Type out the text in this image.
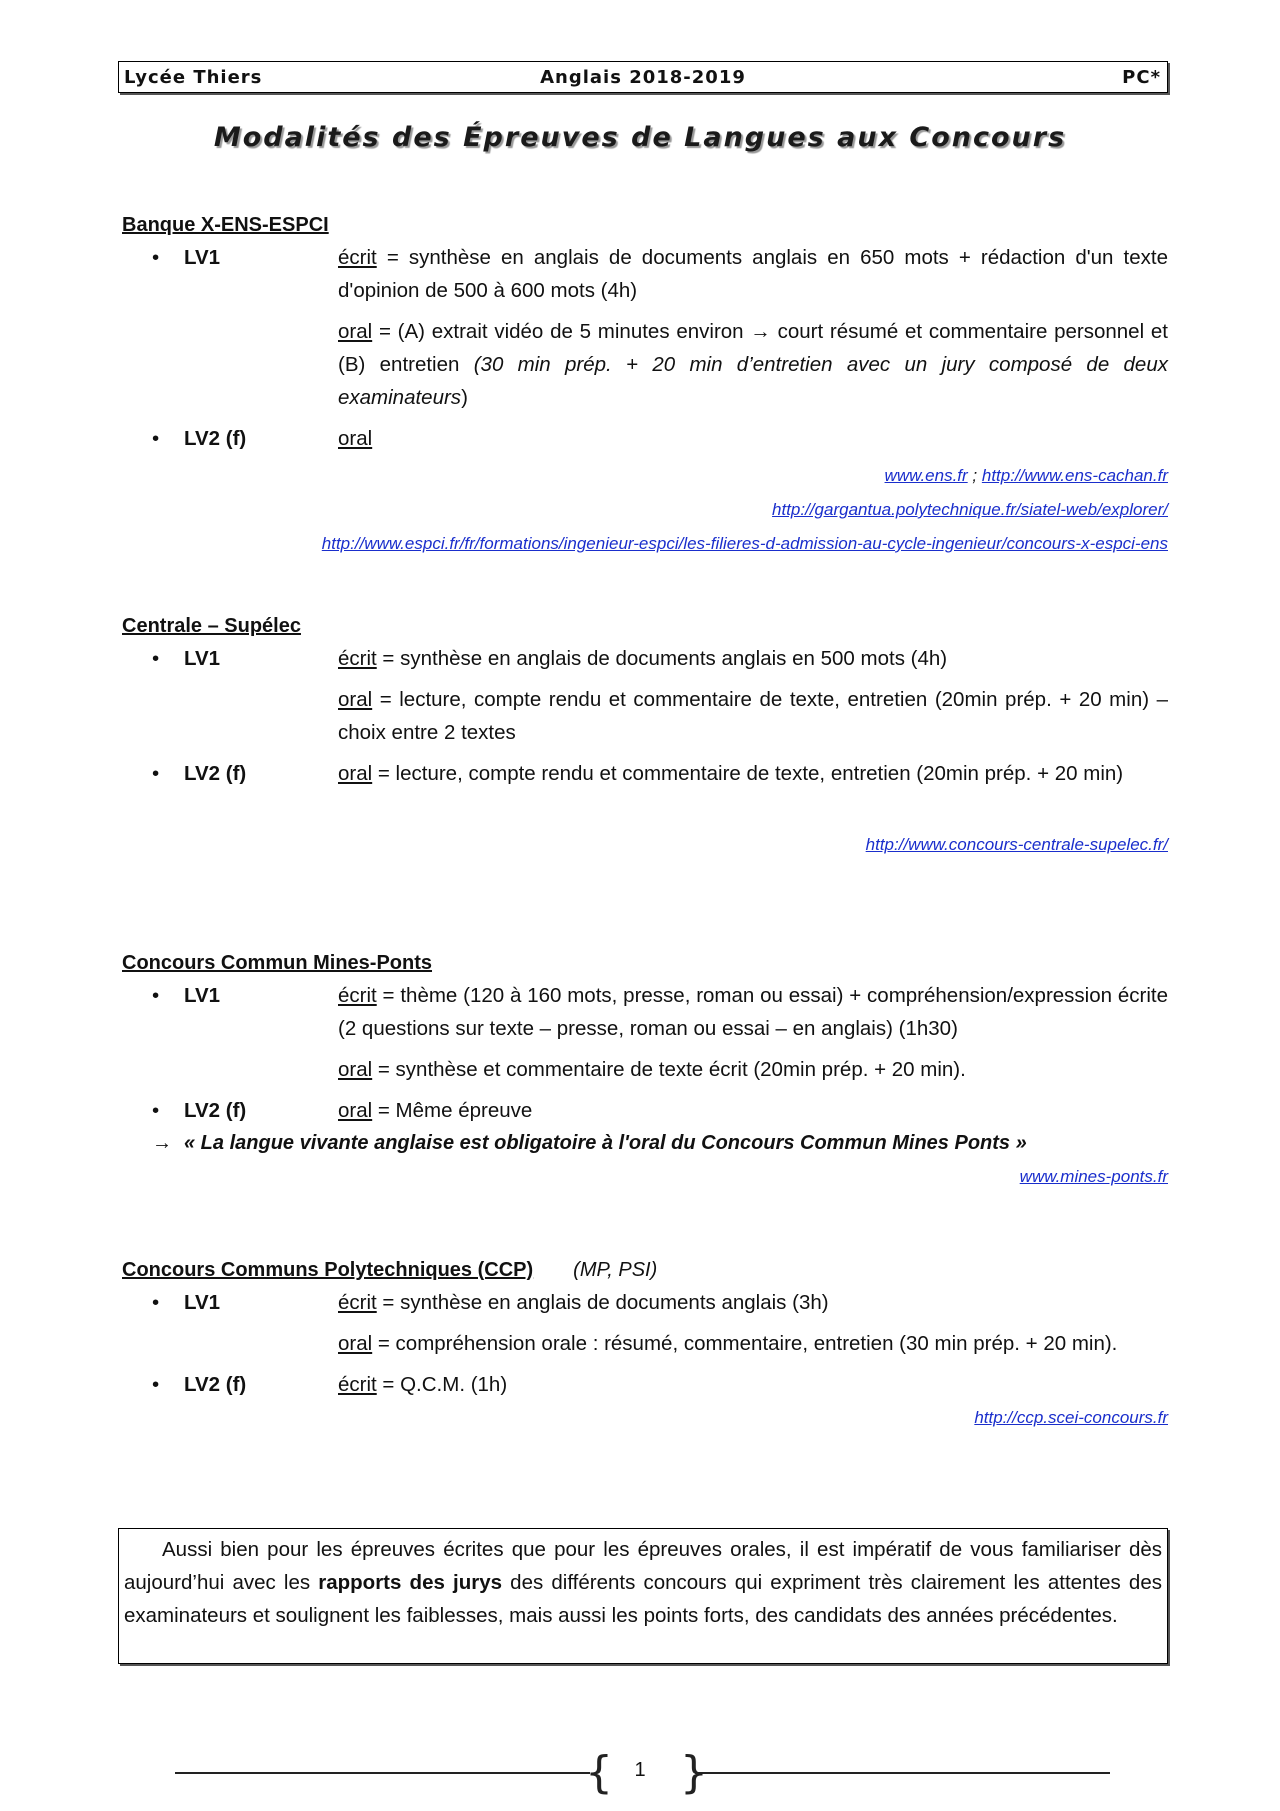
Lycée Thiers	Anglais 2018-2019	PC*
Modalités des Épreuves de Langues aux Concours

Banque X-ENS-ESPCI

• LV1	écrit = synthèse en anglais de documents anglais en 650 mots + rédaction d'un texte d'opinion de 500 à 600 mots (4h)
oral = (A) extrait vidéo de 5 minutes environ → court résumé et commentaire personnel et (B) entretien (30 min prép. + 20 min d’entretien avec un jury composé de deux examinateurs)
• LV2 (f)	oral
www.ens.fr ; http://www.ens-cachan.fr
http://gargantua.polytechnique.fr/siatel-web/explorer/
http://www.espci.fr/fr/formations/ingenieur-espci/les-filieres-d-admission-au-cycle-ingenieur/concours-x-espci-ens

Centrale – Supélec

• LV1	écrit = synthèse en anglais de documents anglais en 500 mots (4h)
oral = lecture, compte rendu et commentaire de texte, entretien (20min prép. + 20 min) – choix entre 2 textes
• LV2 (f)	oral = lecture, compte rendu et commentaire de texte, entretien (20min prép. + 20 min)
http://www.concours-centrale-supelec.fr/

Concours Commun Mines-Ponts

• LV1	écrit = thème (120 à 160 mots, presse, roman ou essai) + compréhension/expression écrite (2 questions sur texte – presse, roman ou essai – en anglais) (1h30)
oral = synthèse et commentaire de texte écrit (20min prép. + 20 min).
• LV2 (f)	oral = Même épreuve
→ « La langue vivante anglaise est obligatoire à l'oral du Concours Commun Mines Ponts »
www.mines-ponts.fr

Concours Communs Polytechniques (CCP) (MP, PSI)

• LV1	écrit = synthèse en anglais de documents anglais (3h)
oral = compréhension orale : résumé, commentaire, entretien (30 min prép. + 20 min).
• LV2 (f)	écrit = Q.C.M. (1h)
http://ccp.scei-concours.fr
Aussi bien pour les épreuves écrites que pour les épreuves orales, il est impératif de vous familiariser dès aujourd’hui avec les rapports des jurys des différents concours qui expriment très clairement les attentes des examinateurs et soulignent les faiblesses, mais aussi les points forts, des candidats des années précédentes.
{ }
1
